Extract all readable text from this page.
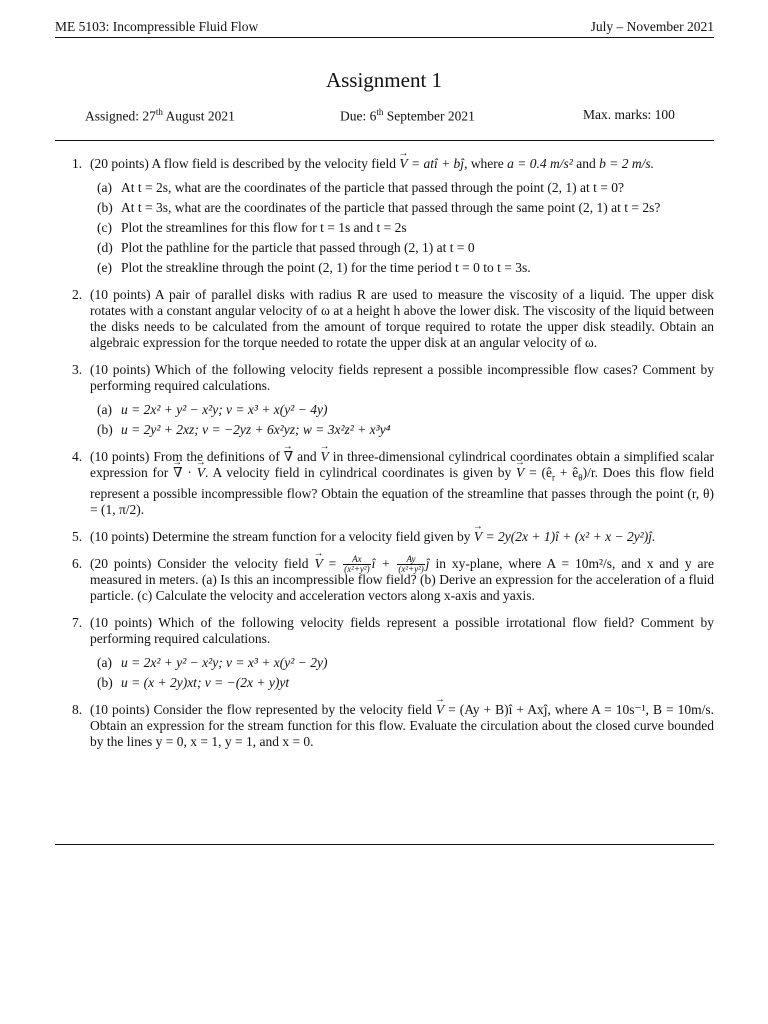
ME 5103: Incompressible Fluid Flow	July – November 2021
Assignment 1
Assigned: 27th August 2021	Due: 6th September 2021	Max. marks: 100
1. (20 points) A flow field is described by the velocity field → V = atî + bĵ, where a = 0.4 m/s² and b = 2 m/s.
(a) At t = 2s, what are the coordinates of the particle that passed through the point (2, 1) at t = 0?
(b) At t = 3s, what are the coordinates of the particle that passed through the same point (2, 1) at t = 2s?
(c) Plot the streamlines for this flow for t = 1s and t = 2s
(d) Plot the pathline for the particle that passed through (2, 1) at t = 0
(e) Plot the streakline through the point (2, 1) for the time period t = 0 to t = 3s.
2. (10 points) A pair of parallel disks with radius R are used to measure the viscosity of a liquid. The upper disk rotates with a constant angular velocity of ω at a height h above the lower disk. The viscosity of the liquid between the disks needs to be calculated from the amount of torque required to rotate the upper disk steadily. Obtain an algebraic expression for the torque needed to rotate the upper disk at an angular velocity of ω.
3. (10 points) Which of the following velocity fields represent a possible incompressible flow cases? Comment by performing required calculations.
(a) u = 2x² + y² − x²y; v = x³ + x(y² − 4y)
(b) u = 2y² + 2xz; v = −2yz + 6x²yz; w = 3x²z² + x³y⁴
4. (10 points) From the definitions of → ∇ and → V in three-dimensional cylindrical coordinates obtain a simplified scalar expression for → ∇ · → V. A velocity field in cylindrical coordinates is given by → $V = (ê_r$ + $ê_\theta)/r$. Does this flow field represent a possible incompressible flow? Obtain the equation of the streamline that passes through the point (r, θ) = (1, π/2).
5. (10 points) Determine the stream function for a velocity field given by → V = 2y(2x + 1)î + (x² + x − 2y²)ĵ.
6. (20 points) Consider the velocity field → $V = \frac{Ax}{\text{(x²+y²)}}$ î + $\frac{Ay}{\text{(x²+y²)}}$ ĵ in xy-plane, where A = 10m²/s, and x and y are measured in meters. (a) Is this an incompressible flow field? (b) Derive an expression for the acceleration of a fluid particle. (c) Calculate the velocity and acceleration vectors along x-axis and yaxis.
7. (10 points) Which of the following velocity fields represent a possible irrotational flow field? Comment by performing required calculations.
(a) u = 2x² + y² − x²y; v = x³ + x(y² − 2y)
(b) u = (x + 2y)xt; v = −(2x + y)yt
8. (10 points) Consider the flow represented by the velocity field → V = (Ay + B)î + Axĵ, where A = 10s⁻¹, B = 10m/s. Obtain an expression for the stream function for this flow. Evaluate the circulation about the closed curve bounded by the lines y = 0, x = 1, y = 1, and x = 0.
